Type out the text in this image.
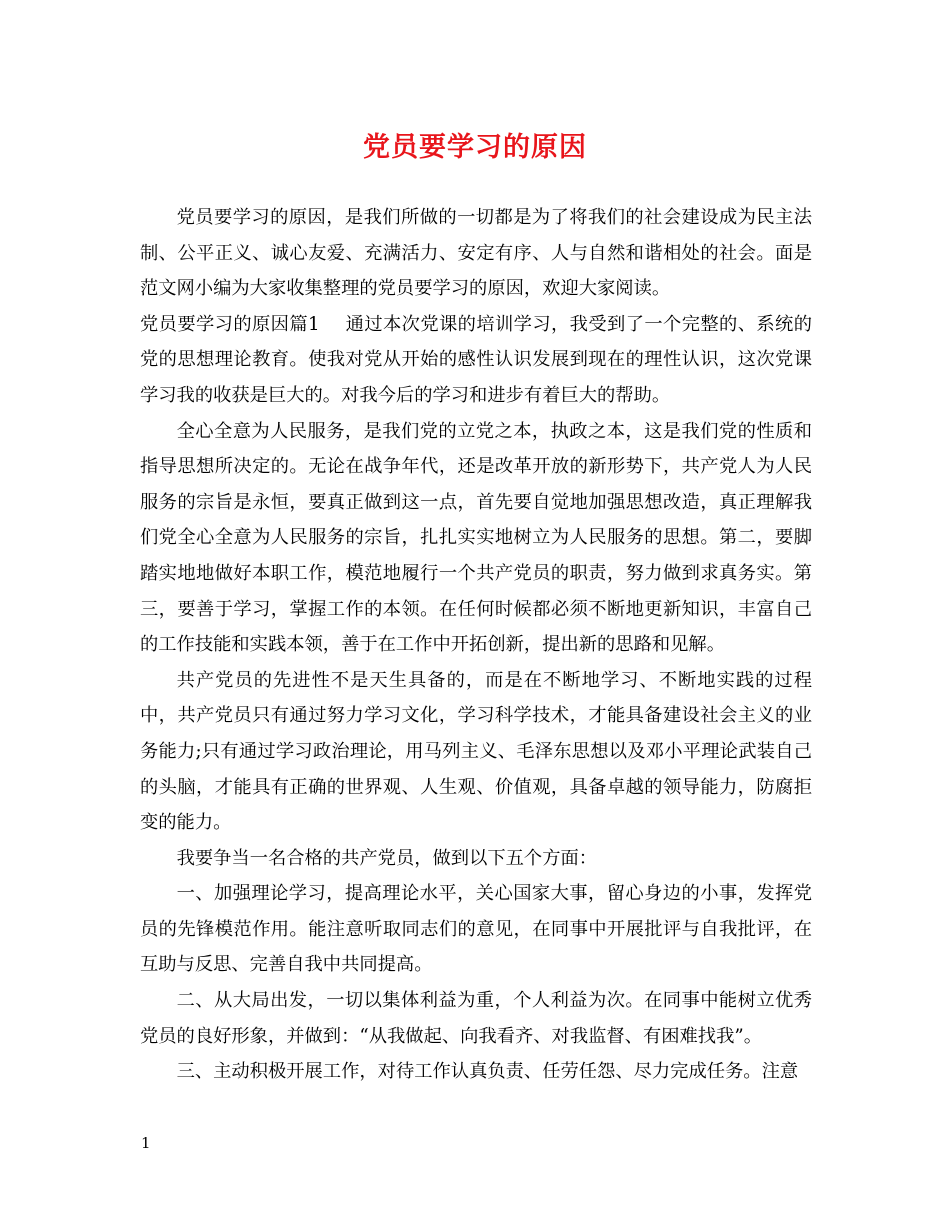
党员要学习的原因

党员要学习的原因，是我们所做的一切都是为了将我们的社会建设成为民主法制、公平正义、诚心友爱、充满活力、安定有序、人与自然和谐相处的社会。面是范文网小编为大家收集整理的党员要学习的原因，欢迎大家阅读。

党员要学习的原因篇1 通过本次党课的培训学习，我受到了一个完整的、系统的党的思想理论教育。使我对党从开始的感性认识发展到现在的理性认识，这次党课学习我的收获是巨大的。对我今后的学习和进步有着巨大的帮助。

全心全意为人民服务，是我们党的立党之本，执政之本，这是我们党的性质和指导思想所决定的。无论在战争年代，还是改革开放的新形势下，共产党人为人民服务的宗旨是永恒，要真正做到这一点，首先要自觉地加强思想改造，真正理解我们党全心全意为人民服务的宗旨，扎扎实实地树立为人民服务的思想。第二，要脚踏实地地做好本职工作，模范地履行一个共产党员的职责，努力做到求真务实。第三，要善于学习，掌握工作的本领。在任何时候都必须不断地更新知识，丰富自己的工作技能和实践本领，善于在工作中开拓创新，提出新的思路和见解。

共产党员的先进性不是天生具备的，而是在不断地学习、不断地实践的过程中，共产党员只有通过努力学习文化，学习科学技术，才能具备建设社会主义的业务能力;只有通过学习政治理论，用马列主义、毛泽东思想以及邓小平理论武装自己的头脑，才能具有正确的世界观、人生观、价值观，具备卓越的领导能力，防腐拒变的能力。

我要争当一名合格的共产党员，做到以下五个方面：

一、加强理论学习，提高理论水平，关心国家大事，留心身边的小事，发挥党员的先锋模范作用。能注意听取同志们的意见，在同事中开展批评与自我批评，在互助与反思、完善自我中共同提高。

二、从大局出发，一切以集体利益为重，个人利益为次。在同事中能树立优秀党员的良好形象，并做到：“从我做起、向我看齐、对我监督、有困难找我”。

三、主动积极开展工作，对待工作认真负责、任劳任怨、尽力完成任务。注意

1
